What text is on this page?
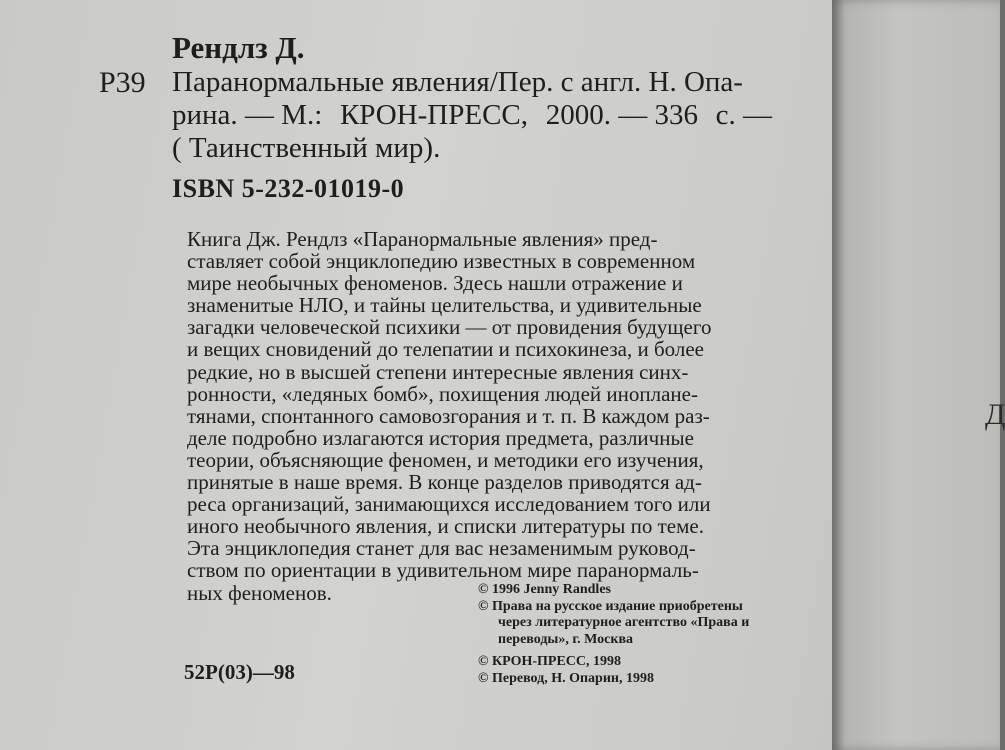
Рендлз Д.
Р39 Паранормальные явления/Пер. с англ. Н. Опа-
рина. — М.: КРОН-ПРЕСС, 2000. — 336 с. —
( Таинственный мир).
ISBN 5-232-01019-0
Книга Дж. Рендлз «Паранормальные явления» пред-
ставляет собой энциклопедию известных в современном
мире необычных феноменов. Здесь нашли отражение и
знаменитые НЛО, и тайны целительства, и удивительные
загадки человеческой психики — от провидения будущего
и вещих сновидений до телепатии и психокинеза, и более
редкие, но в высшей степени интересные явления синх-
ронности, «ледяных бомб», похищения людей иноплане-
тянами, спонтанного самовозгорания и т. п. В каждом раз-
деле подробно излагаются история предмета, различные
теории, объясняющие феномен, и методики его изучения,
принятые в наше время. В конце разделов приводятся ад-
реса организаций, занимающихся исследованием того или
иного необычного явления, и списки литературы по теме.
Эта энциклопедия станет для вас незаменимым руковод-
ством по ориентации в удивительном мире паранормаль-
ных феноменов.	© 1996 Jenny Randles
© Права на русское издание приобретены
через литературное агентство «Права и
переводы», г. Москва
© КРОН-ПРЕСС, 1998
© Перевод, Н. Опарин, 1998
52Р(03)—98
Д
